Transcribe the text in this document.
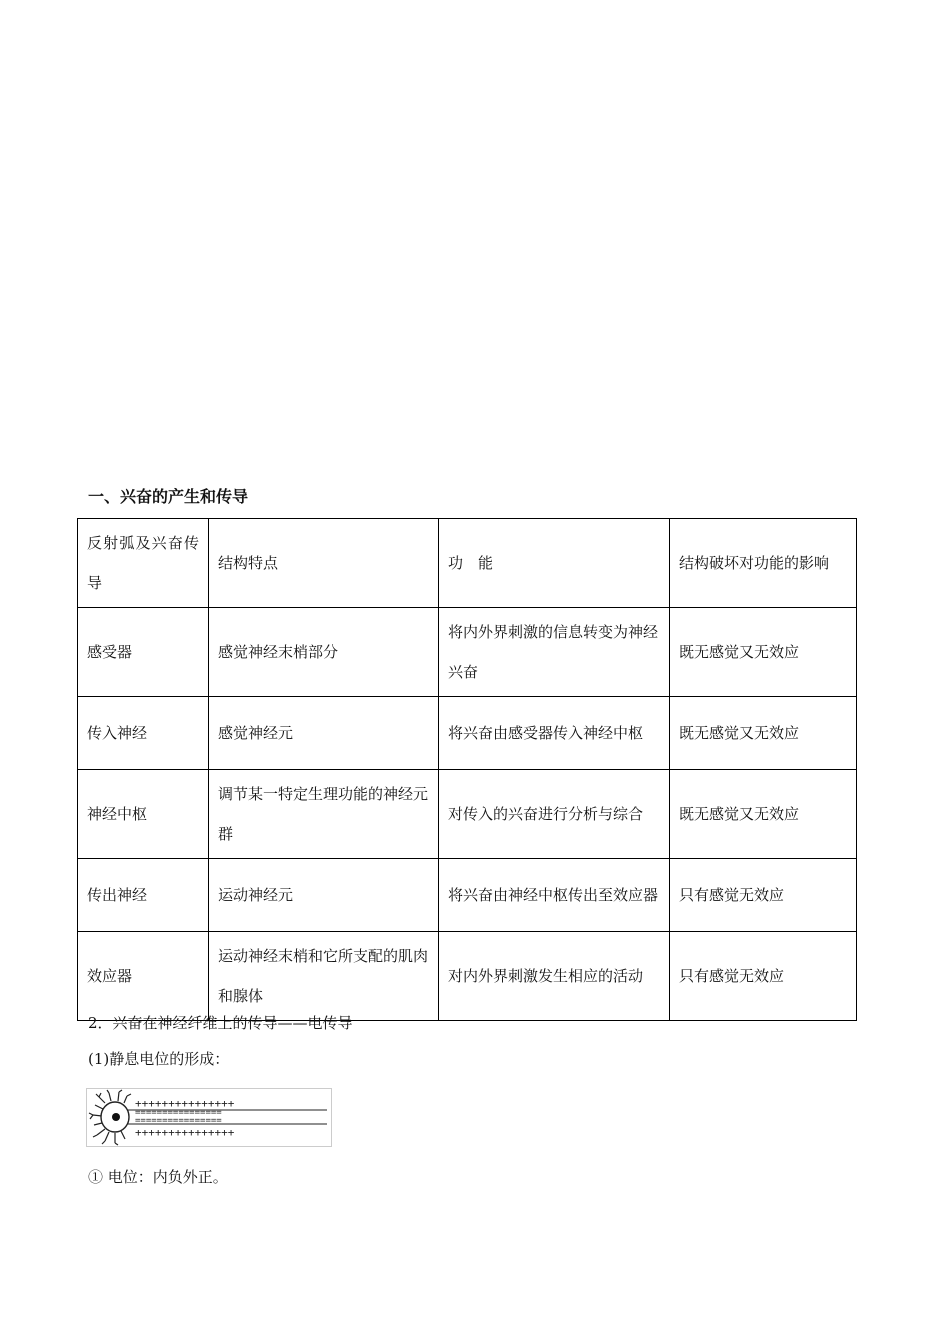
一、兴奋的产生和传导
反射弧及兴奋传导	结构特点	功　能	结构破坏对功能的影响
感受器	感觉神经末梢部分	将内外界刺激的信息转变为神经兴奋	既无感觉又无效应
传入神经	感觉神经元	将兴奋由感受器传入神经中枢	既无感觉又无效应
神经中枢	调节某一特定生理功能的神经元群	对传入的兴奋进行分析与综合	既无感觉又无效应
传出神经	运动神经元	将兴奋由神经中枢传出至效应器	只有感觉无效应
效应器	运动神经末梢和它所支配的肌肉和腺体	对内外界刺激发生相应的活动	只有感觉无效应
2．兴奋在神经纤维上的传导——电传导
(1)静息电位的形成：
+++++++++++++++
================
================
+++++++++++++++
① 电位：内负外正。
